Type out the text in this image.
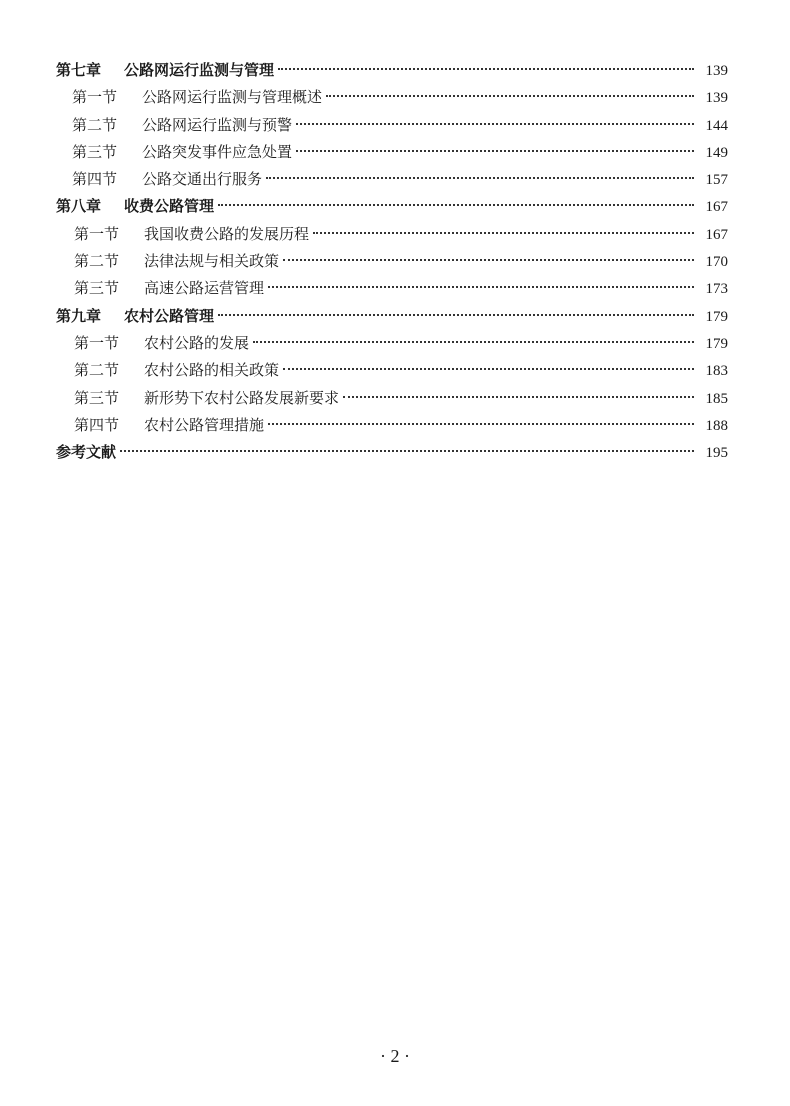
第七章	公路网运行监测与管理	139
第一节	公路网运行监测与管理概述	139
第二节	公路网运行监测与预警	144
第三节	公路突发事件应急处置	149
第四节	公路交通出行服务	157
第八章	收费公路管理	167
第一节	我国收费公路的发展历程	167
第二节	法律法规与相关政策	170
第三节	高速公路运营管理	173
第九章	农村公路管理	179
第一节	农村公路的发展	179
第二节	农村公路的相关政策	183
第三节	新形势下农村公路发展新要求	185
第四节	农村公路管理措施	188
参考文献	195
· 2 ·
